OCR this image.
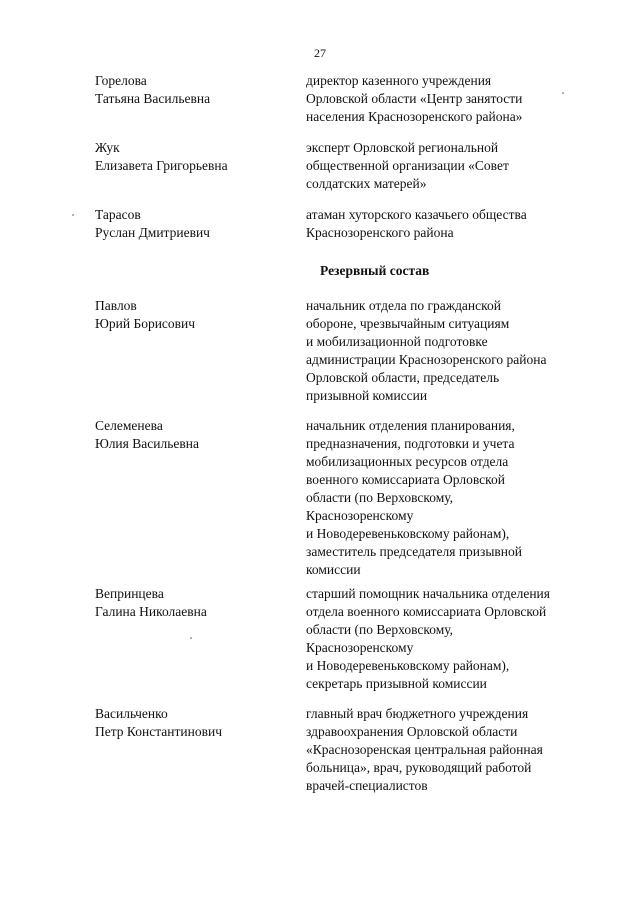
27
Горелова
Татьяна Васильевна
директор казенного учреждения
Орловской области «Центр занятости
населения Краснозоренского района»
Жук
Елизавета Григорьевна
эксперт Орловской региональной
общественной организации «Совет
солдатских матерей»
Тарасов
Руслан Дмитриевич
атаман хуторского казачьего общества
Краснозоренского района
Резервный состав
Павлов
Юрий Борисович
начальник отдела по гражданской
обороне, чрезвычайным ситуациям
и мобилизационной подготовке
администрации Краснозоренского района
Орловской области, председатель
призывной комиссии
Селеменева
Юлия Васильевна
начальник отделения планирования,
предназначения, подготовки и учета
мобилизационных ресурсов отдела
военного комиссариата Орловской
области (по Верховскому,
Краснозоренскому
и Новодеревеньковскому районам),
заместитель председателя призывной
комиссии
Вепринцева
Галина Николаевна
старший помощник начальника отделения
отдела военного комиссариата Орловской
области (по Верховскому,
Краснозоренскому
и Новодеревеньковскому районам),
секретарь призывной комиссии
Васильченко
Петр Константинович
главный врач бюджетного учреждения
здравоохранения Орловской области
«Краснозоренская центральная районная
больница», врач, руководящий работой
врачей-специалистов
